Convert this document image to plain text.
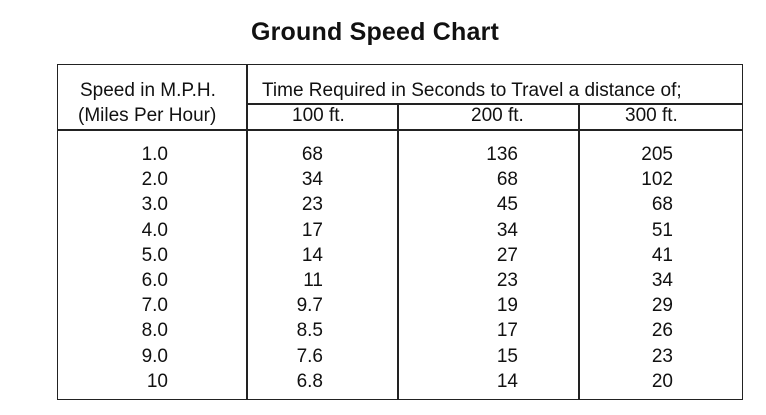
Ground Speed Chart
Speed in M.P.H.
(Miles Per Hour)
Time Required in Seconds to Travel a distance of;
100 ft.	200 ft.	300 ft.
1.0	68	136	205
2.0	34	68	102
3.0	23	45	68
4.0	17	34	51
5.0	14	27	41
6.0	11	23	34
7.0	9.7	19	29
8.0	8.5	17	26
9.0	7.6	15	23
10	6.8	14	20
